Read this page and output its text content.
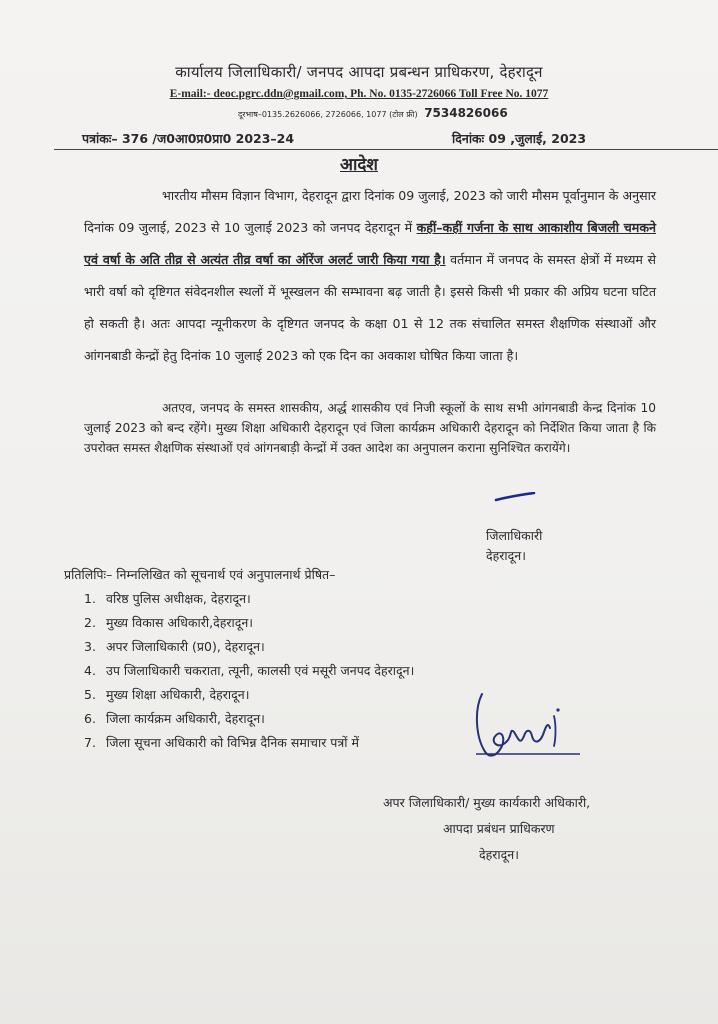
कार्यालय जिलाधिकारी/ जनपद आपदा प्रबन्धन प्राधिकरण, देहरादून
E-mail:- deoc.pgrc.ddn@gmail.com, Ph. No. 0135-2726066 Toll Free No. 1077
दूरभाष–0135.2626066, 2726066, 1077 (टोल फ्री) 7534826066
पत्रांकः– 376 /ज0आ0प्र0प्रा0 2023–24	दिनांकः 09 ,जुलाई, 2023
आदेश
भारतीय मौसम विज्ञान विभाग, देहरादून द्वारा दिनांक 09 जुलाई, 2023 को जारी मौसम पूर्वानुमान के अनुसार दिनांक 09 जुलाई, 2023 से 10 जुलाई 2023 को जनपद देहरादून में कहीं–कहीं गर्जना के साथ आकाशीय बिजली चमकने एवं वर्षा के अति तीव्र से अत्यंत तीव्र वर्षा का ऑरेंज अलर्ट जारी किया गया है। वर्तमान में जनपद के समस्त क्षेत्रों में मध्यम से भारी वर्षा को दृष्टिगत संवेदनशील स्थलों में भूस्खलन की सम्भावना बढ़ जाती है। इससे किसी भी प्रकार की अप्रिय घटना घटित हो सकती है। अतः आपदा न्यूनीकरण के दृष्टिगत जनपद के कक्षा 01 से 12 तक संचालित समस्त शैक्षणिक संस्थाओं और आंगनबाडी केन्द्रों हेतु दिनांक 10 जुलाई 2023 को एक दिन का अवकाश घोषित किया जाता है।
अतएव, जनपद के समस्त शासकीय, अर्द्ध शासकीय एवं निजी स्कूलों के साथ सभी आंगनबाडी केन्द्र दिनांक 10 जुलाई 2023 को बन्द रहेंगे। मुख्य शिक्षा अधिकारी देहरादून एवं जिला कार्यक्रम अधिकारी देहरादून को निर्देशित किया जाता है कि उपरोक्त समस्त शैक्षणिक संस्थाओं एवं आंगनबाड़ी केन्द्रों में उक्त आदेश का अनुपालन कराना सुनिश्चित करायेंगे।
जिलाधिकारी
देहरादून।
प्रतिलिपिः– निम्नलिखित को सूचनार्थ एवं अनुपालनार्थ प्रेषित–
1. वरिष्ठ पुलिस अधीक्षक, देहरादून।
2. मुख्य विकास अधिकारी,देहरादून।
3. अपर जिलाधिकारी (प्र0), देहरादून।
4. उप जिलाधिकारी चकराता, त्यूनी, कालसी एवं मसूरी जनपद देहरादून।
5. मुख्य शिक्षा अधिकारी, देहरादून।
6. जिला कार्यक्रम अधिकारी, देहरादून।
7. जिला सूचना अधिकारी को विभिन्न दैनिक समाचार पत्रों में
अपर जिलाधिकारी/ मुख्य कार्यकारी अधिकारी,
आपदा प्रबंधन प्राधिकरण
देहरादून।
